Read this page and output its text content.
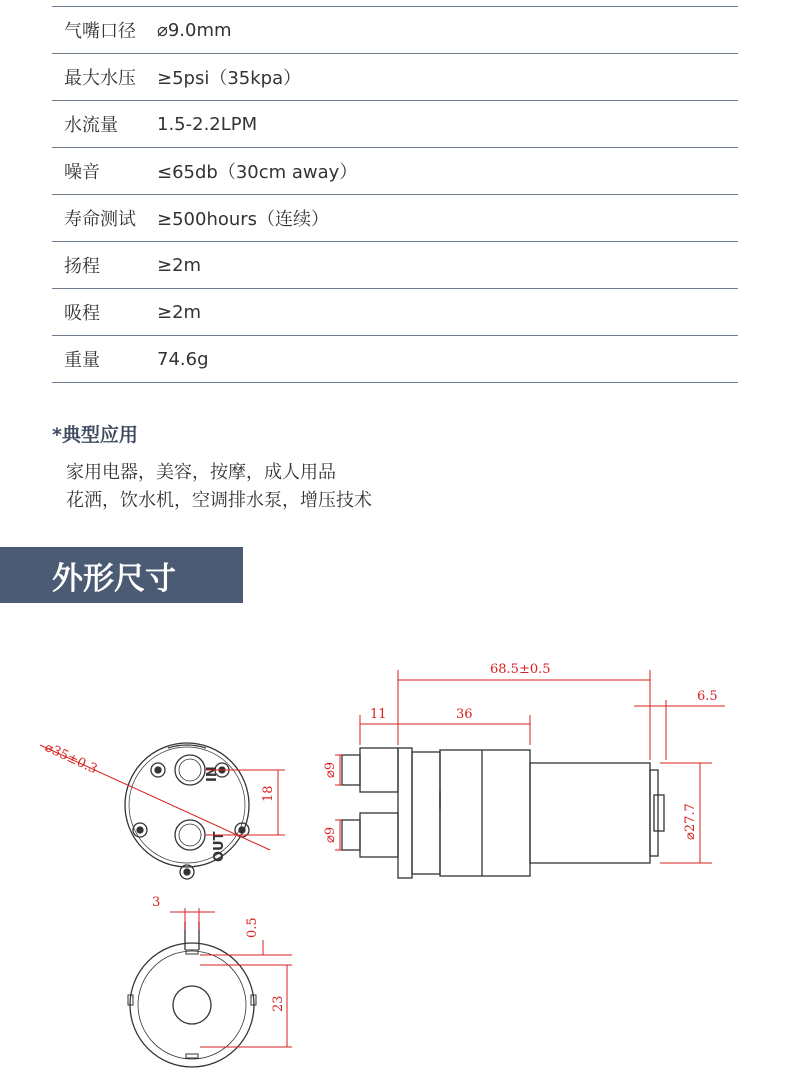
气嘴口径	⌀9.0mm
最大水压	≥5psi（35kpa）
水流量	1.5-2.2LPM
噪音	≤65db（30cm away）
寿命测试	≥500hours（连续）
扬程	≥2m
吸程	≥2m
重量	74.6g
*典型应用
家用电器，美容，按摩，成人用品
花洒，饮水机，空调排水泵，增压技术
外形尺寸
IN
OUT
⌀35±0.3
18
3
0.5
23
68.5±0.5
11	36
6.5
⌀9
⌀9	⌀27.7
